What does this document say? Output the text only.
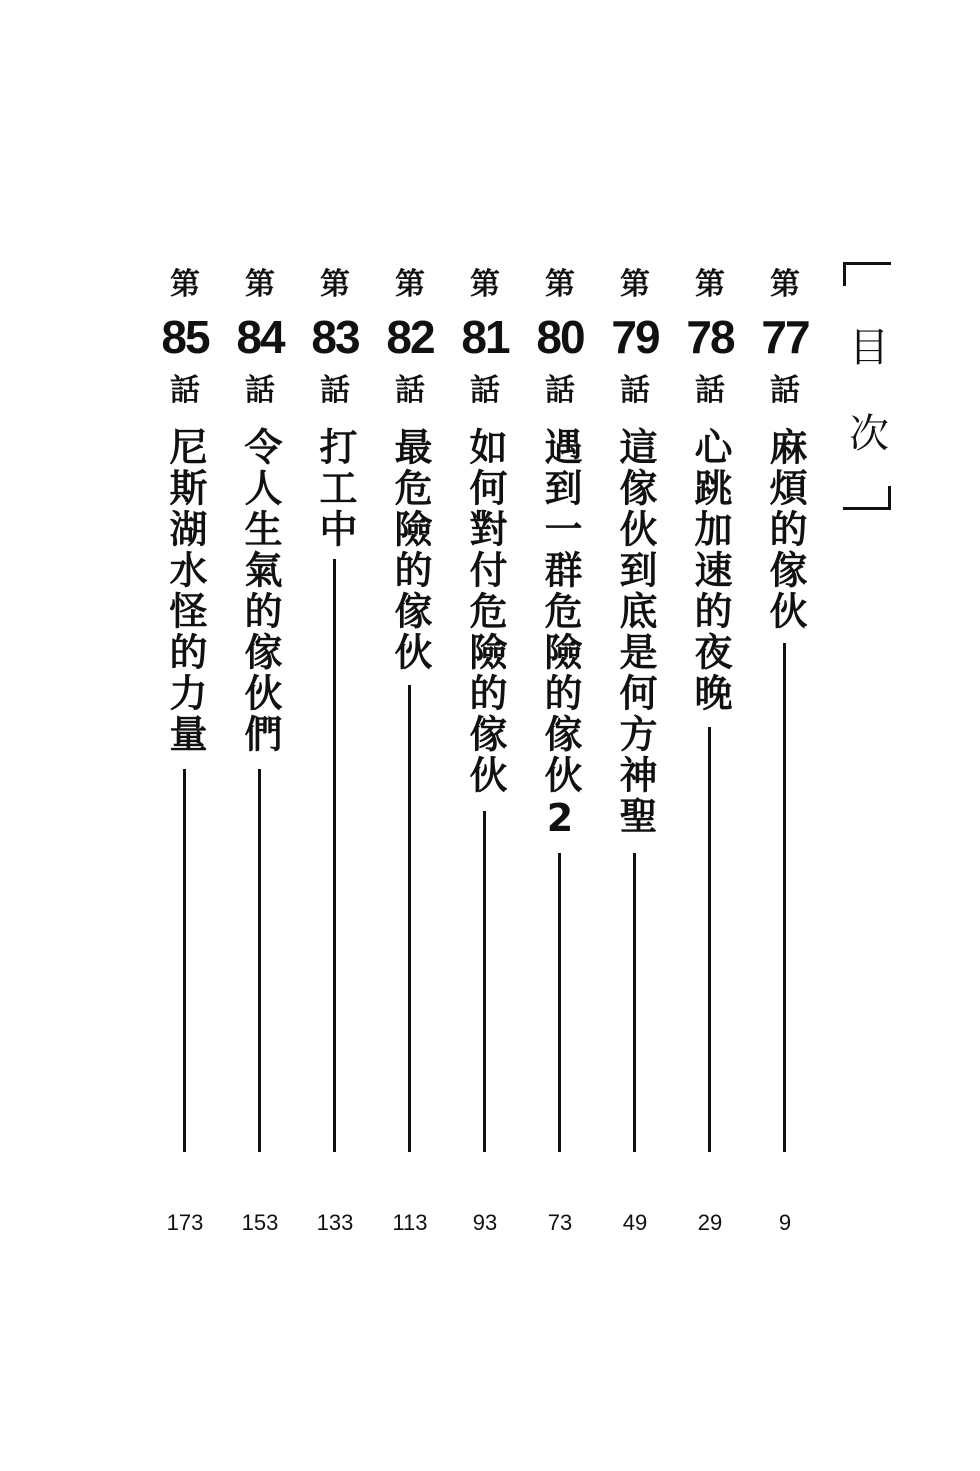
目
次
第
77
話
麻煩的傢伙
9
第
78
話
心跳加速的夜晚
29
第
79
話
這傢伙到底是何方神聖
49
第
80
話
遇到一群危險的傢伙2
73
第
81
話
如何對付危險的傢伙
93
第
82
話
最危險的傢伙
113
第
83
話
打工中
133
第
84
話
令人生氣的傢伙們
153
第
85
話
尼斯湖水怪的力量
173
